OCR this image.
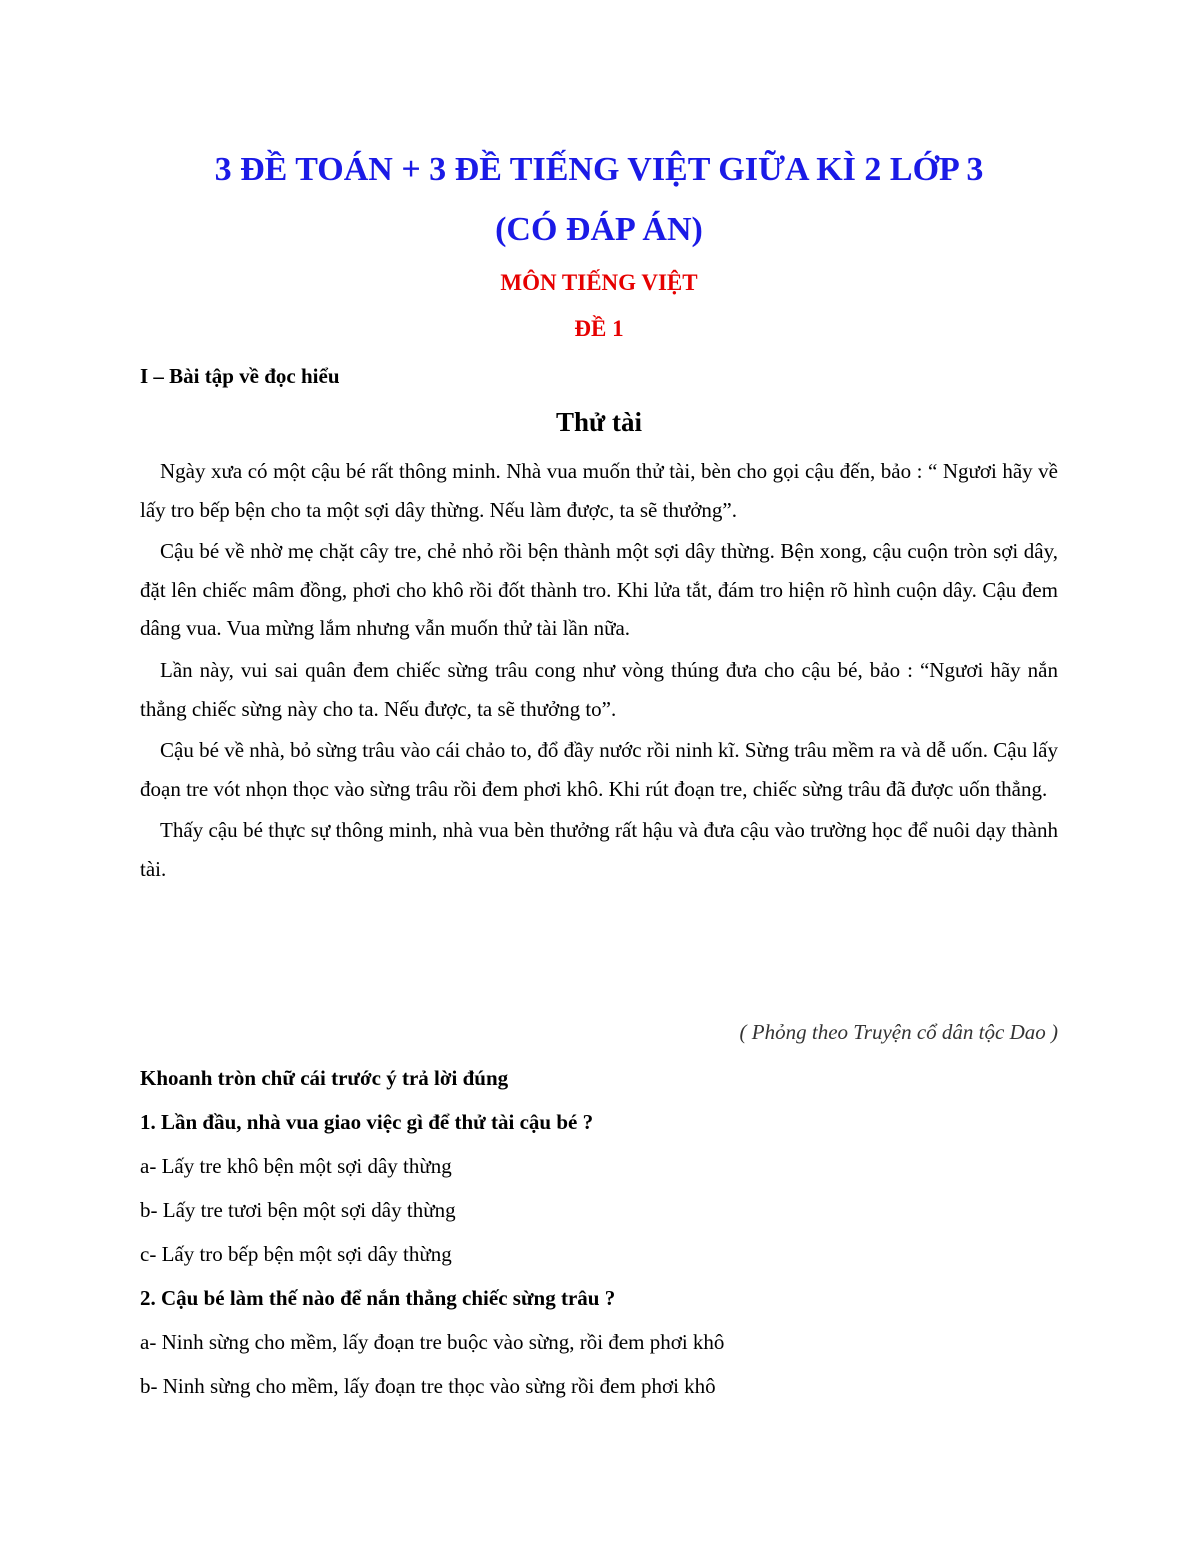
3 ĐỀ TOÁN + 3 ĐỀ TIẾNG VIỆT GIỮA KÌ 2 LỚP 3
(CÓ ĐÁP ÁN)
MÔN TIẾNG VIỆT
ĐỀ 1
I – Bài tập về đọc hiểu
Thử tài

Ngày xưa có một cậu bé rất thông minh. Nhà vua muốn thử tài, bèn cho gọi cậu đến, bảo : “ Ngươi hãy về lấy tro bếp bện cho ta một sợi dây thừng. Nếu làm được, ta sẽ thưởng”.

Cậu bé về nhờ mẹ chặt cây tre, chẻ nhỏ rồi bện thành một sợi dây thừng. Bện xong, cậu cuộn tròn sợi dây, đặt lên chiếc mâm đồng, phơi cho khô rồi đốt thành tro. Khi lửa tắt, đám tro hiện rõ hình cuộn dây. Cậu đem dâng vua. Vua mừng lắm nhưng vẫn muốn thử tài lần nữa.

Lần này, vui sai quân đem chiếc sừng trâu cong như vòng thúng đưa cho cậu bé, bảo : “Ngươi hãy nắn thẳng chiếc sừng này cho ta. Nếu được, ta sẽ thưởng to”.

Cậu bé về nhà, bỏ sừng trâu vào cái chảo to, đổ đầy nước rồi ninh kĩ. Sừng trâu mềm ra và dễ uốn. Cậu lấy đoạn tre vót nhọn thọc vào sừng trâu rồi đem phơi khô. Khi rút đoạn tre, chiếc sừng trâu đã được uốn thẳng.

Thấy cậu bé thực sự thông minh, nhà vua bèn thưởng rất hậu và đưa cậu vào trường học để nuôi dạy thành tài.

( Phỏng theo Truyện cổ dân tộc Dao )
Khoanh tròn chữ cái trước ý trả lời đúng
1. Lần đầu, nhà vua giao việc gì để thử tài cậu bé ?
a- Lấy tre khô bện một sợi dây thừng
b- Lấy tre tươi bện một sợi dây thừng
c- Lấy tro bếp bện một sợi dây thừng
2. Cậu bé làm thế nào để nắn thẳng chiếc sừng trâu ?
a- Ninh sừng cho mềm, lấy đoạn tre buộc vào sừng, rồi đem phơi khô
b- Ninh sừng cho mềm, lấy đoạn tre thọc vào sừng rồi đem phơi khô
